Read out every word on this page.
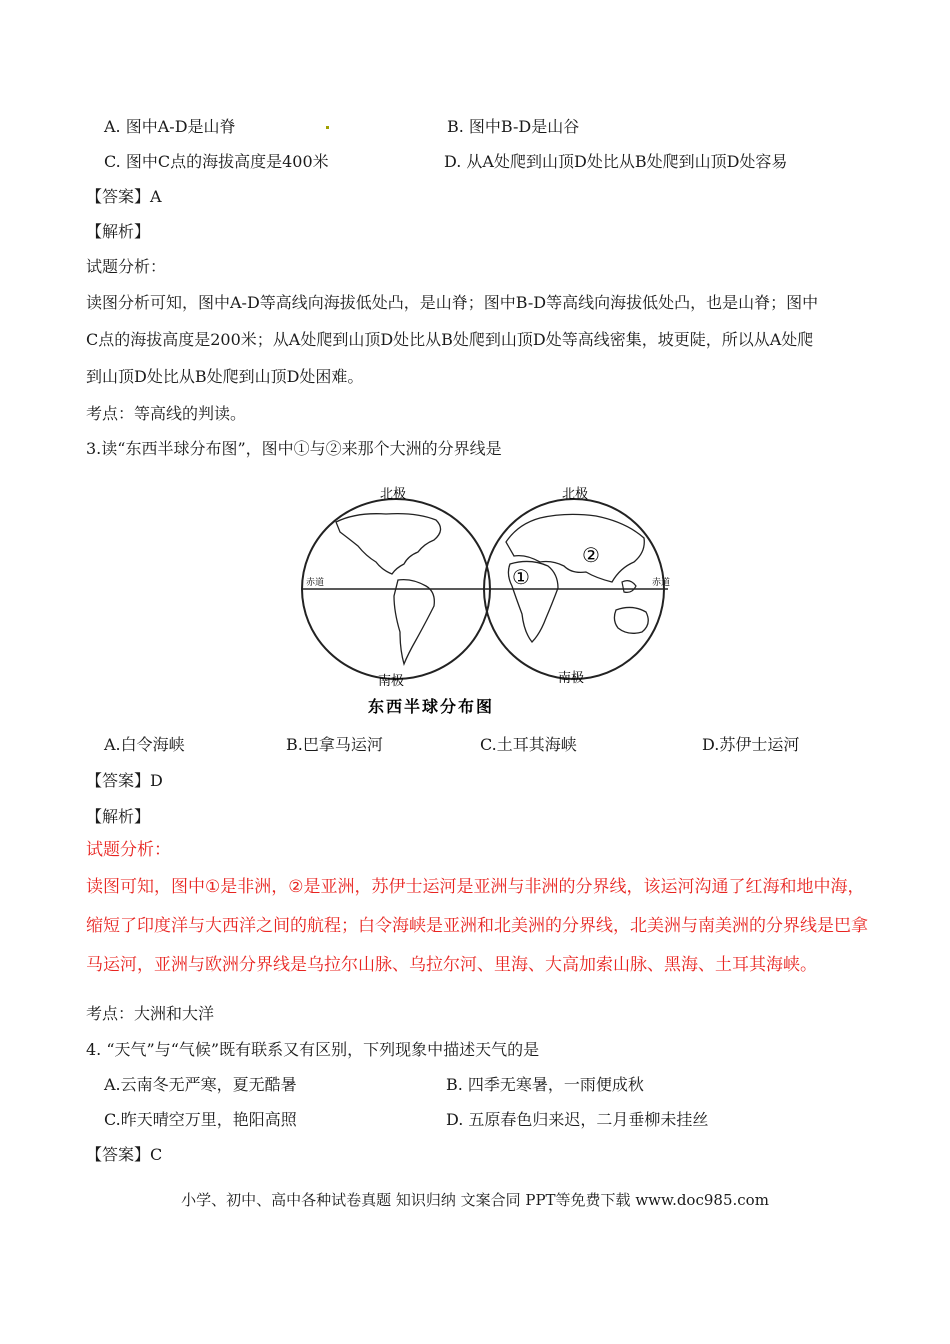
A. 图中A-D是山脊	B. 图中B-D是山谷
C. 图中C点的海拔高度是400米	D. 从A处爬到山顶D处比从B处爬到山顶D处容易
【答案】A
【解析】
试题分析：
读图分析可知，图中A-D等高线向海拔低处凸，是山脊；图中B-D等高线向海拔低处凸，也是山脊；图中
C点的海拔高度是200米；从A处爬到山顶D处比从B处爬到山顶D处等高线密集，坡更陡，所以从A处爬
到山顶D处比从B处爬到山顶D处困难。
考点：等高线的判读。
3.读“东西半球分布图”，图中①与②来那个大洲的分界线是
北极	北极
南极	南极
赤道	赤道
①
②
东西半球分布图
A.白令海峡	B.巴拿马运河	C.土耳其海峡	D.苏伊士运河
【答案】D
【解析】
试题分析：
读图可知，图中①是非洲，②是亚洲，苏伊士运河是亚洲与非洲的分界线，该运河沟通了红海和地中海，
缩短了印度洋与大西洋之间的航程；白令海峡是亚洲和北美洲的分界线，北美洲与南美洲的分界线是巴拿
马运河，亚洲与欧洲分界线是乌拉尔山脉、乌拉尔河、里海、大高加索山脉、黑海、土耳其海峡。
考点：大洲和大洋
4. “天气”与“气候”既有联系又有区别，下列现象中描述天气的是
A.云南冬无严寒，夏无酷暑	B. 四季无寒暑，一雨便成秋
C.昨天晴空万里，艳阳高照	D. 五原春色归来迟，二月垂柳未挂丝
【答案】C
小学、初中、高中各种试卷真题 知识归纳 文案合同 PPT等免费下载 www.doc985.com
